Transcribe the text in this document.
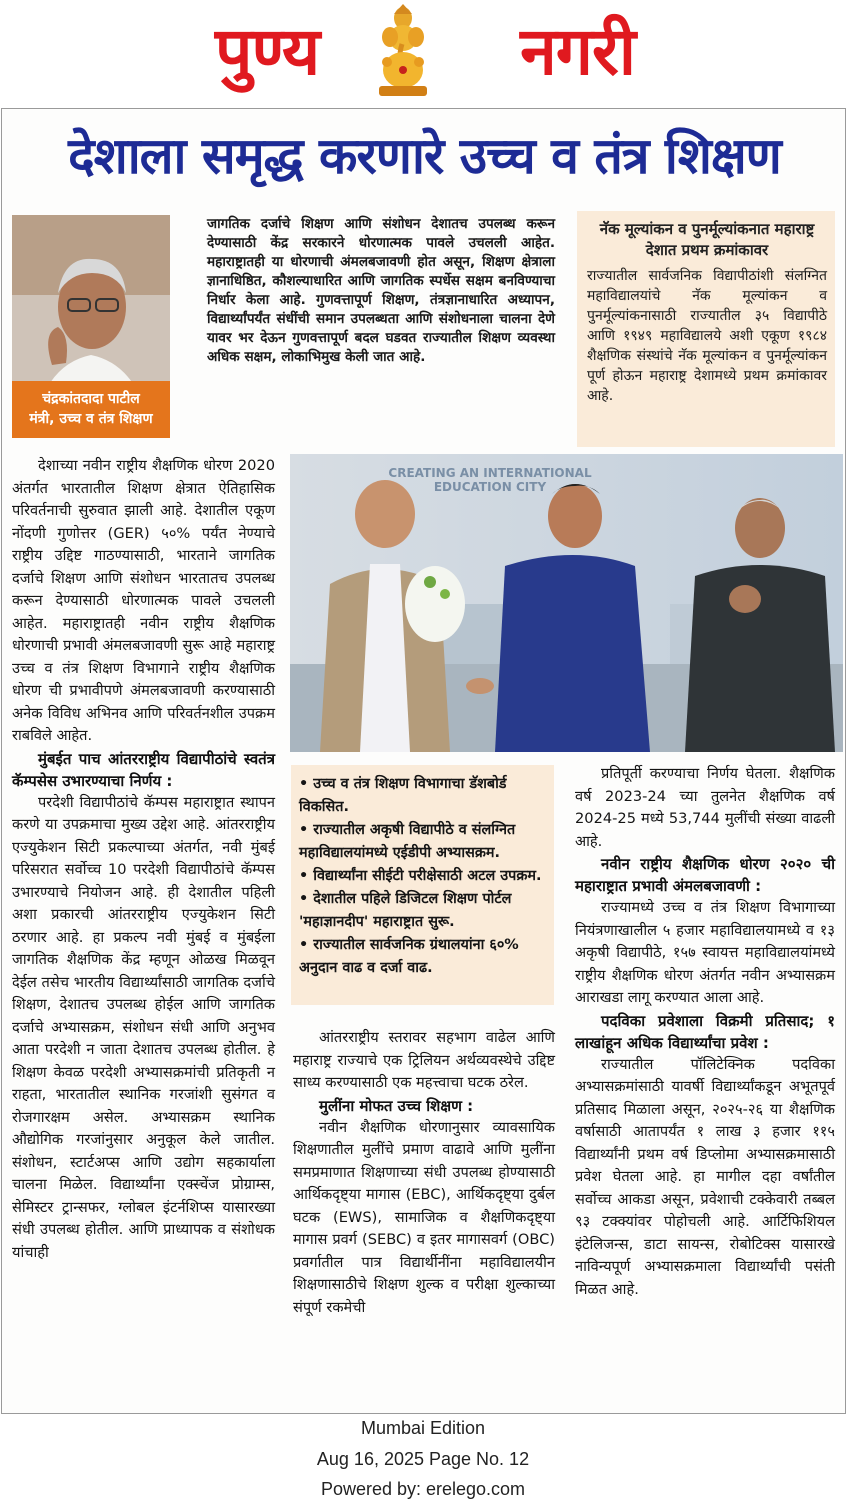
पुण्य	नगरी
देशाला समृद्ध करणारे उच्च व तंत्र शिक्षण
चंद्रकांतदादा पाटील
मंत्री, उच्च व तंत्र शिक्षण

जागतिक दर्जाचे शिक्षण आणि संशोधन देशातच उपलब्ध करून देण्यासाठी केंद्र सरकारने धोरणात्मक पावले उचलली आहेत. महाराष्ट्रातही या धोरणाची अंमलबजावणी होत असून, शिक्षण क्षेत्राला ज्ञानाधिष्ठित, कौशल्याधारित आणि जागतिक स्पर्धेस सक्षम बनविण्याचा निर्धार केला आहे. गुणवत्तापूर्ण शिक्षण, तंत्रज्ञानाधारित अध्यापन, विद्यार्थ्यांपर्यंत संधींची समान उपलब्धता आणि संशोधनाला चालना देणे यावर भर देऊन गुणवत्तापूर्ण बदल घडवत राज्यातील शिक्षण व्यवस्था अधिक सक्षम, लोकाभिमुख केली जात आहे.

नॅक मूल्यांकन व पुनर्मूल्यांकनात महाराष्ट्र देशात प्रथम क्रमांकावर

राज्यातील सार्वजनिक विद्यापीठांशी संलग्नित महाविद्यालयांचे नॅक मूल्यांकन व पुनर्मूल्यांकनासाठी राज्यातील ३५ विद्यापीठे आणि १९४९ महाविद्यालये अशी एकूण १९८४ शैक्षणिक संस्थांचे नॅक मूल्यांकन व पुनर्मूल्यांकन पूर्ण होऊन महाराष्ट्र देशामध्ये प्रथम क्रमांकावर आहे.

CREATING AN INTERNATIONAL EDUCATION CITY

देशाच्या नवीन राष्ट्रीय शैक्षणिक धोरण 2020 अंतर्गत भारतातील शिक्षण क्षेत्रात ऐतिहासिक परिवर्तनाची सुरुवात झाली आहे. देशातील एकूण नोंदणी गुणोत्तर (GER) ५०% पर्यंत नेण्याचे राष्ट्रीय उद्दिष्ट गाठण्यासाठी, भारताने जागतिक दर्जाचे शिक्षण आणि संशोधन भारतातच उपलब्ध करून देण्यासाठी धोरणात्मक पावले उचलली आहेत. महाराष्ट्रातही नवीन राष्ट्रीय शैक्षणिक धोरणाची प्रभावी अंमलबजावणी सुरू आहे महाराष्ट्र उच्च व तंत्र शिक्षण विभागाने राष्ट्रीय शैक्षणिक धोरण ची प्रभावीपणे अंमलबजावणी करण्यासाठी अनेक विविध अभिनव आणि परिवर्तनशील उपक्रम राबविले आहेत.

मुंबईत पाच आंतरराष्ट्रीय विद्यापीठांचे स्वतंत्र कॅम्पसेस उभारण्याचा निर्णय :

परदेशी विद्यापीठांचे कॅम्पस महाराष्ट्रात स्थापन करणे या उपक्रमाचा मुख्य उद्देश आहे. आंतरराष्ट्रीय एज्युकेशन सिटी प्रकल्पाच्या अंतर्गत, नवी मुंबई परिसरात सर्वोच्च 10 परदेशी विद्यापीठांचे कॅम्पस उभारण्याचे नियोजन आहे. ही देशातील पहिली अशा प्रकारची आंतरराष्ट्रीय एज्युकेशन सिटी ठरणार आहे. हा प्रकल्प नवी मुंबई व मुंबईला जागतिक शैक्षणिक केंद्र म्हणून ओळख मिळवून देईल तसेच भारतीय विद्यार्थ्यांसाठी जागतिक दर्जाचे शिक्षण, देशातच उपलब्ध होईल आणि जागतिक दर्जाचे अभ्यासक्रम, संशोधन संधी आणि अनुभव आता परदेशी न जाता देशातच उपलब्ध होतील. हे शिक्षण केवळ परदेशी अभ्यासक्रमांची प्रतिकृती न राहता, भारतातील स्थानिक गरजांशी सुसंगत व रोजगारक्षम असेल. अभ्यासक्रम स्थानिक औद्योगिक गरजांनुसार अनुकूल केले जातील. संशोधन, स्टार्टअप्स आणि उद्योग सहकार्याला चालना मिळेल. विद्यार्थ्यांना एक्स्चेंज प्रोग्राम्स, सेमिस्टर ट्रान्सफर, ग्लोबल इंटर्नशिप्स यासारख्या संधी उपलब्ध होतील. आणि प्राध्यापक व संशोधक यांचाही

• उच्च व तंत्र शिक्षण विभागाचा डॅशबोर्ड विकसित.
• राज्यातील अकृषी विद्यापीठे व संलग्नित महाविद्यालयांमध्ये एईडीपी अभ्यासक्रम.
• विद्यार्थ्यांना सीईटी परीक्षेसाठी अटल उपक्रम.
• देशातील पहिले डिजिटल शिक्षण पोर्टल 'महाज्ञानदीप' महाराष्ट्रात सुरू.
• राज्यातील सार्वजनिक ग्रंथालयांना ६०% अनुदान वाढ व दर्जा वाढ.

आंतरराष्ट्रीय स्तरावर सहभाग वाढेल आणि महाराष्ट्र राज्याचे एक ट्रिलियन अर्थव्यवस्थेचे उद्दिष्ट साध्य करण्यासाठी एक महत्त्वाचा घटक ठरेल.

मुलींना मोफत उच्च शिक्षण :

नवीन शैक्षणिक धोरणानुसार व्यावसायिक शिक्षणातील मुलींचे प्रमाण वाढावे आणि मुलींना समप्रमाणात शिक्षणाच्या संधी उपलब्ध होण्यासाठी आर्थिकदृष्ट्या मागास (EBC), आर्थिकदृष्ट्या दुर्बल घटक (EWS), सामाजिक व शैक्षणिकदृष्ट्या मागास प्रवर्ग (SEBC) व इतर मागासवर्ग (OBC) प्रवर्गातील पात्र विद्यार्थीनींना महाविद्यालयीन शिक्षणासाठीचे शिक्षण शुल्क व परीक्षा शुल्काच्या संपूर्ण रकमेची

प्रतिपूर्ती करण्याचा निर्णय घेतला. शैक्षणिक वर्ष 2023-24 च्या तुलनेत शैक्षणिक वर्ष 2024-25 मध्ये 53,744 मुलींची संख्या वाढली आहे.

नवीन राष्ट्रीय शैक्षणिक धोरण २०२० ची महाराष्ट्रात प्रभावी अंमलबजावणी :

राज्यामध्ये उच्च व तंत्र शिक्षण विभागाच्या नियंत्रणाखालील ५ हजार महाविद्यालयामध्ये व १३ अकृषी विद्यापीठे, १५७ स्वायत्त महाविद्यालयांमध्ये राष्ट्रीय शैक्षणिक धोरण अंतर्गत नवीन अभ्यासक्रम आराखडा लागू करण्यात आला आहे.

पदविका प्रवेशाला विक्रमी प्रतिसाद; १ लाखांहून अधिक विद्यार्थ्यांचा प्रवेश :

राज्यातील पॉलिटेक्निक पदविका अभ्यासक्रमांसाठी यावर्षी विद्यार्थ्यांकडून अभूतपूर्व प्रतिसाद मिळाला असून, २०२५-२६ या शैक्षणिक वर्षासाठी आतापर्यंत १ लाख ३ हजार ११५ विद्यार्थ्यांनी प्रथम वर्ष डिप्लोमा अभ्यासक्रमासाठी प्रवेश घेतला आहे. हा मागील दहा वर्षांतील सर्वोच्च आकडा असून, प्रवेशाची टक्केवारी तब्बल ९३ टक्क्यांवर पोहोचली आहे. आर्टिफिशियल इंटेलिजन्स, डाटा सायन्स, रोबोटिक्स यासारखे नाविन्यपूर्ण अभ्यासक्रमाला विद्यार्थ्यांची पसंती मिळत आहे.

Mumbai Edition
Aug 16, 2025 Page No. 12
Powered by: erelego.com
